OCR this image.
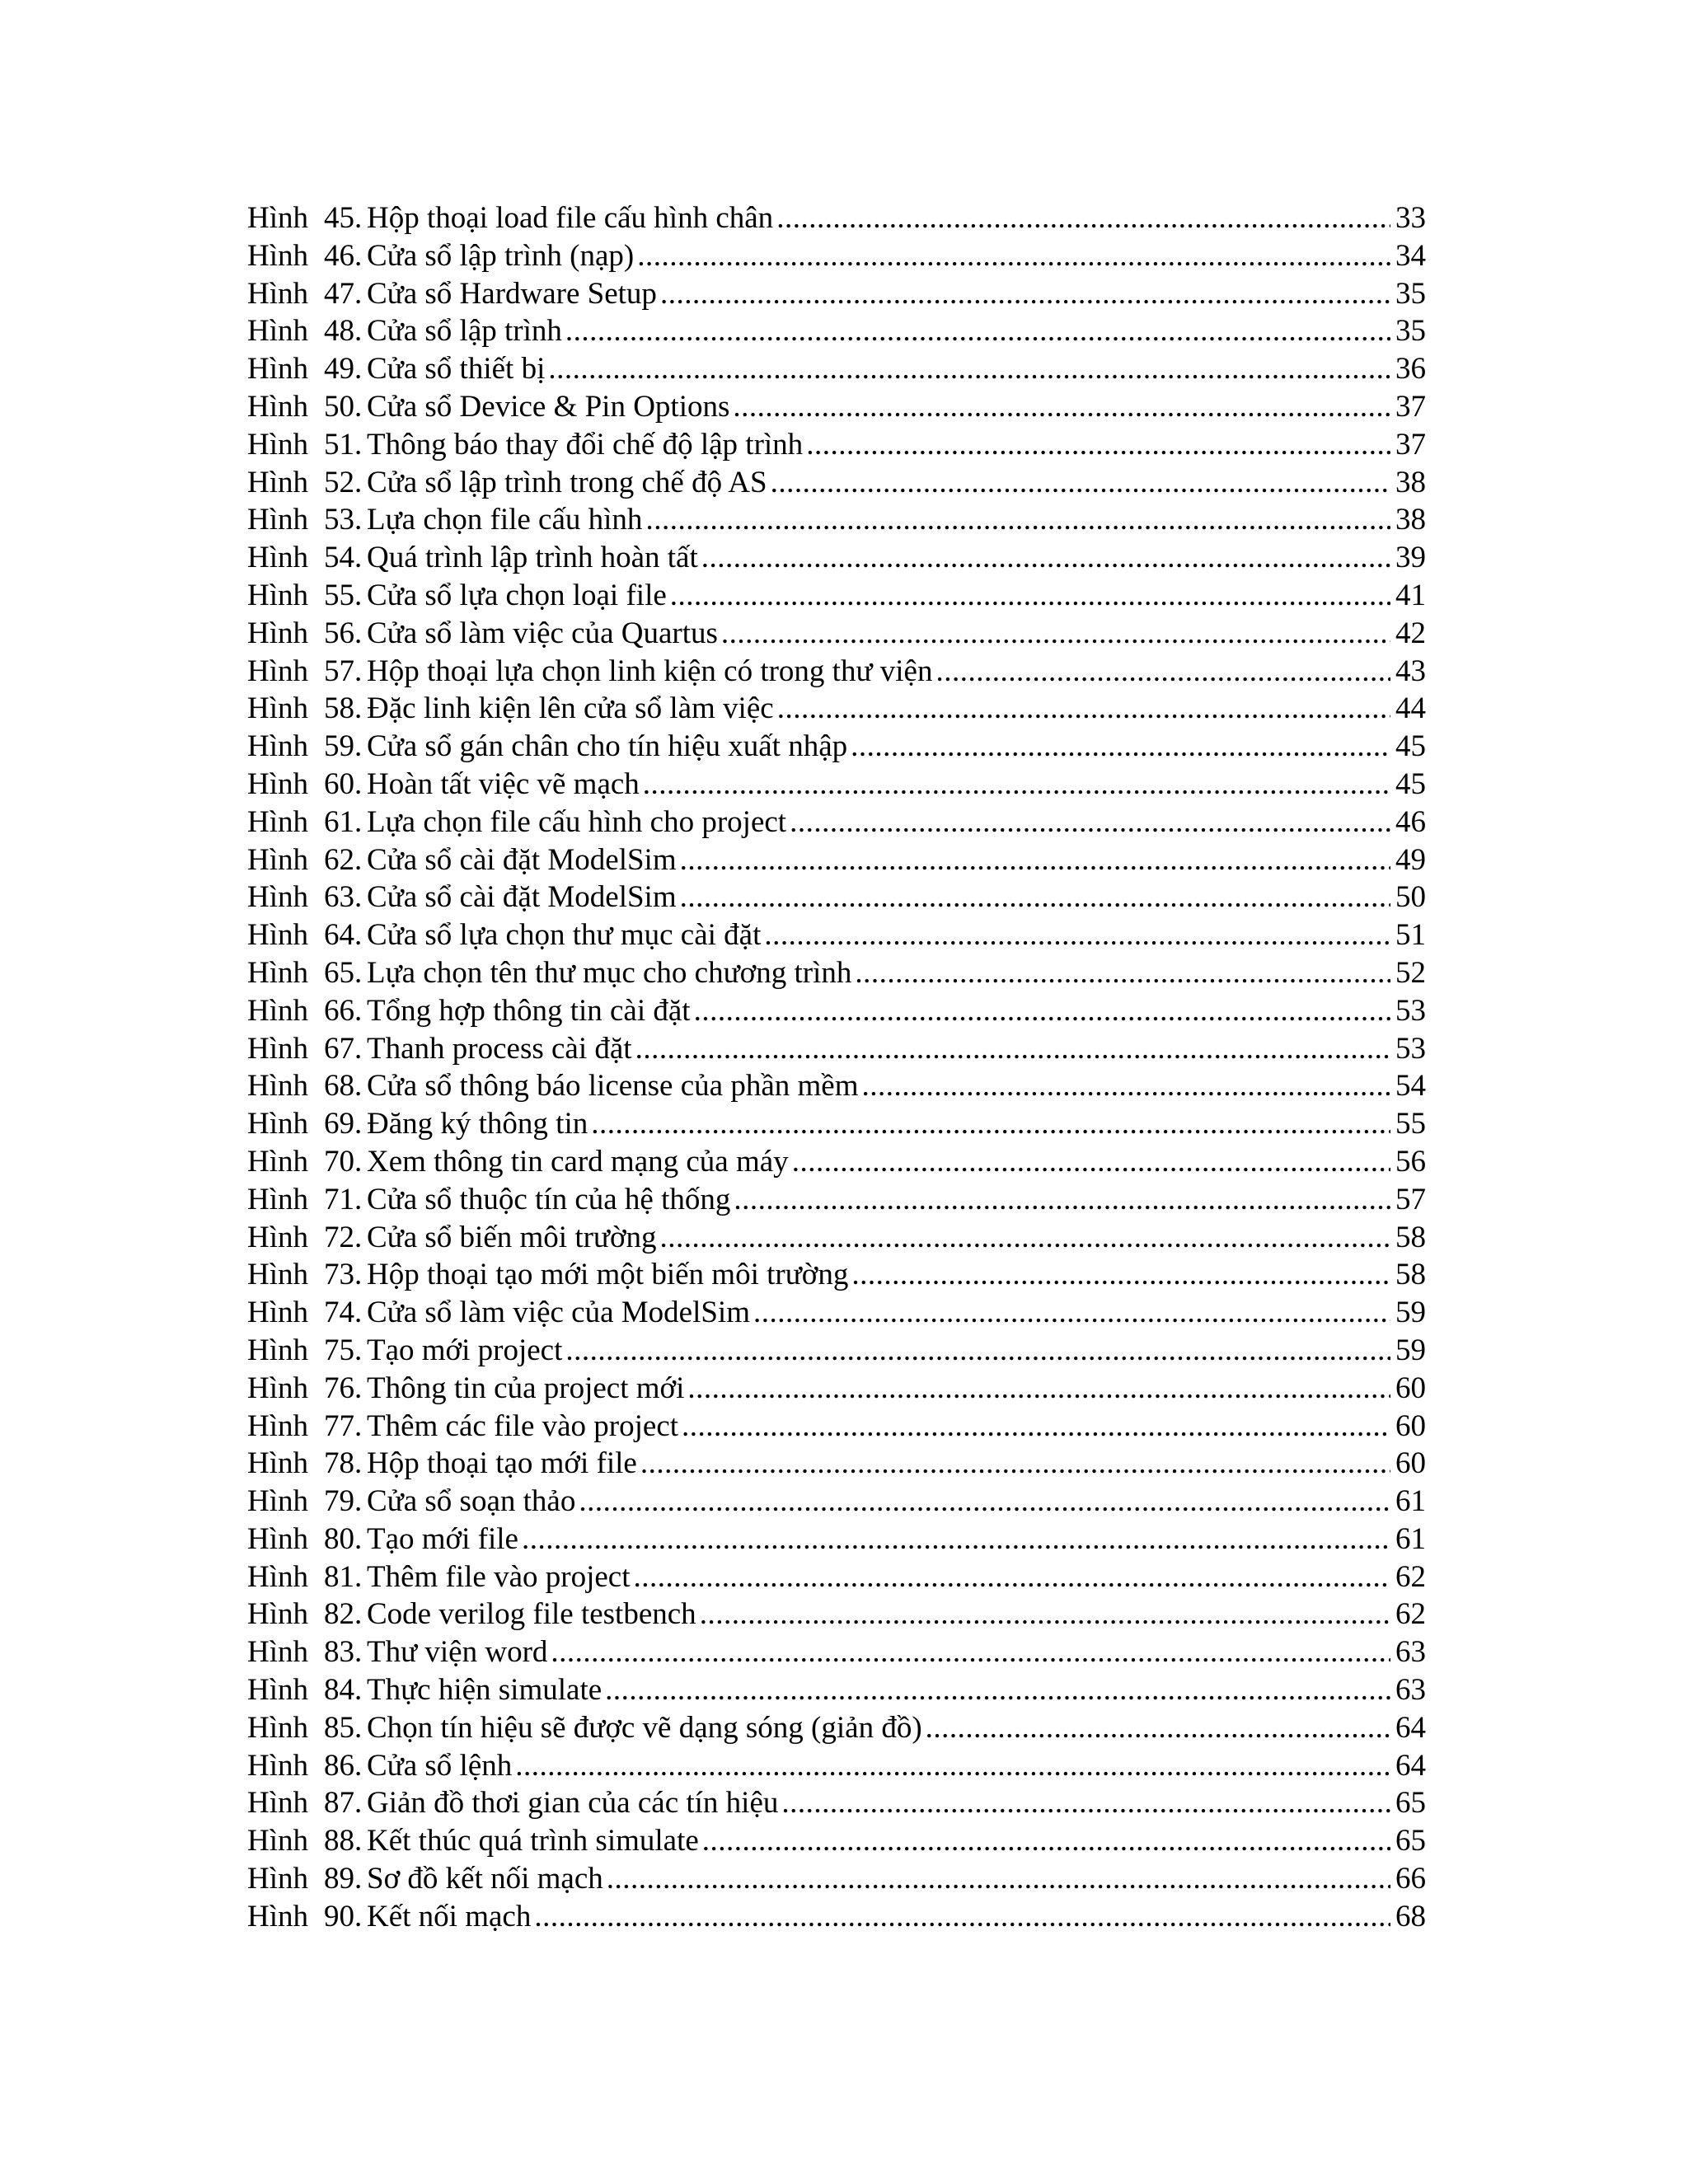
Hình 45. Hộp thoại load file cấu hình chân .....	33
Hình 46. Cửa sổ lập trình (nạp) .....	34
Hình 47. Cửa sổ Hardware Setup .....	35
Hình 48. Cửa sổ lập trình .....	35
Hình 49. Cửa sổ thiết bị .....	36
Hình 50. Cửa sổ Device & Pin Options .....	37
Hình 51. Thông báo thay đổi chế độ lập trình .....	37
Hình 52. Cửa sổ lập trình trong chế độ AS .....	38
Hình 53. Lựa chọn file cấu hình .....	38
Hình 54. Quá trình lập trình hoàn tất .....	39
Hình 55. Cửa sổ lựa chọn loại file .....	41
Hình 56. Cửa sổ làm việc của Quartus .....	42
Hình 57. Hộp thoại lựa chọn linh kiện có trong thư viện .....	43
Hình 58. Đặc linh kiện lên cửa sổ làm việc .....	44
Hình 59. Cửa sổ gán chân cho tín hiệu xuất nhập .....	45
Hình 60. Hoàn tất việc vẽ mạch .....	45
Hình 61. Lựa chọn file cấu hình cho project .....	46
Hình 62. Cửa sổ cài đặt ModelSim .....	49
Hình 63. Cửa sổ cài đặt ModelSim .....	50
Hình 64. Cửa sổ lựa chọn thư mục cài đặt .....	51
Hình 65. Lựa chọn tên thư mục cho chương trình .....	52
Hình 66. Tổng hợp thông tin cài đặt .....	53
Hình 67. Thanh process cài đặt .....	53
Hình 68. Cửa sổ thông báo license của phần mềm .....	54
Hình 69. Đăng ký thông tin .....	55
Hình 70. Xem thông tin card mạng của máy .....	56
Hình 71. Cửa sổ thuộc tín của hệ thống .....	57
Hình 72. Cửa sổ biến môi trường .....	58
Hình 73. Hộp thoại tạo mới một biến môi trường .....	58
Hình 74. Cửa sổ làm việc của ModelSim .....	59
Hình 75. Tạo mới project .....	59
Hình 76. Thông tin của project mới .....	60
Hình 77. Thêm các file vào project .....	60
Hình 78. Hộp thoại tạo mới file .....	60
Hình 79. Cửa sổ soạn thảo .....	61
Hình 80. Tạo mới file .....	61
Hình 81. Thêm file vào project .....	62
Hình 82. Code verilog file testbench .....	62
Hình 83. Thư viện word .....	63
Hình 84. Thực hiện simulate .....	63
Hình 85. Chọn tín hiệu sẽ được vẽ dạng sóng (giản đồ) .....	64
Hình 86. Cửa sổ lệnh .....	64
Hình 87. Giản đồ thơi gian của các tín hiệu .....	65
Hình 88. Kết thúc quá trình simulate .....	65
Hình 89. Sơ đồ kết nối mạch .....	66
Hình 90. Kết nối mạch .....	68
